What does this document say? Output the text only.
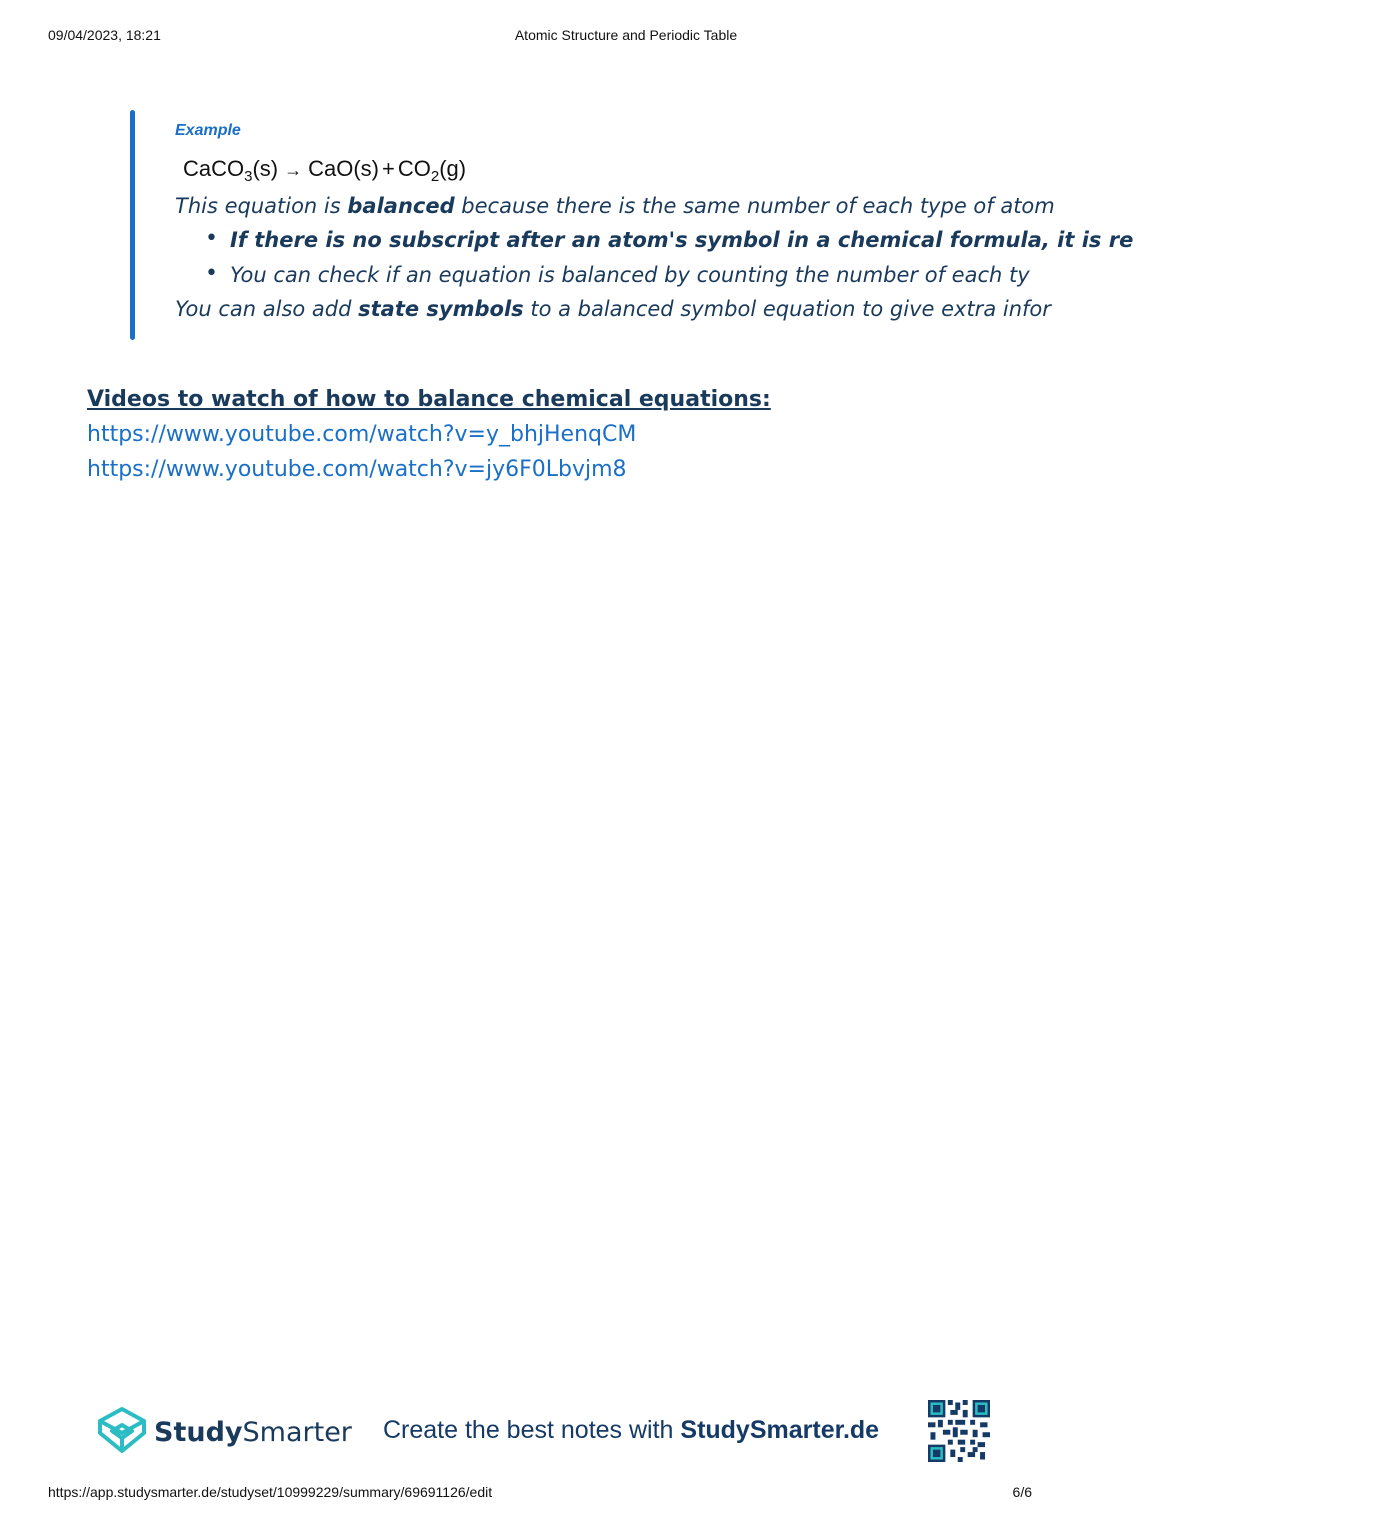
09/04/2023, 18:21	Atomic Structure and Periodic Table
Example
CaCO$_3$(s) → $CaO(s) + CO_2(g)$
This equation is balanced because there is the same number of each type of atom
• If there is no subscript after an atom's symbol in a chemical formula, it is re
• You can check if an equation is balanced by counting the number of each ty
You can also add state symbols to a balanced symbol equation to give extra infor
Videos to watch of how to balance chemical equations:
https://www.youtube.com/watch?v=y_bhjHenqCM
https://www.youtube.com/watch?v=jy6F0Lbvjm8
StudySmarter Create the best notes with StudySmarter.de
https://app.studysmarter.de/studyset/10999229/summary/69691126/edit	6/6
